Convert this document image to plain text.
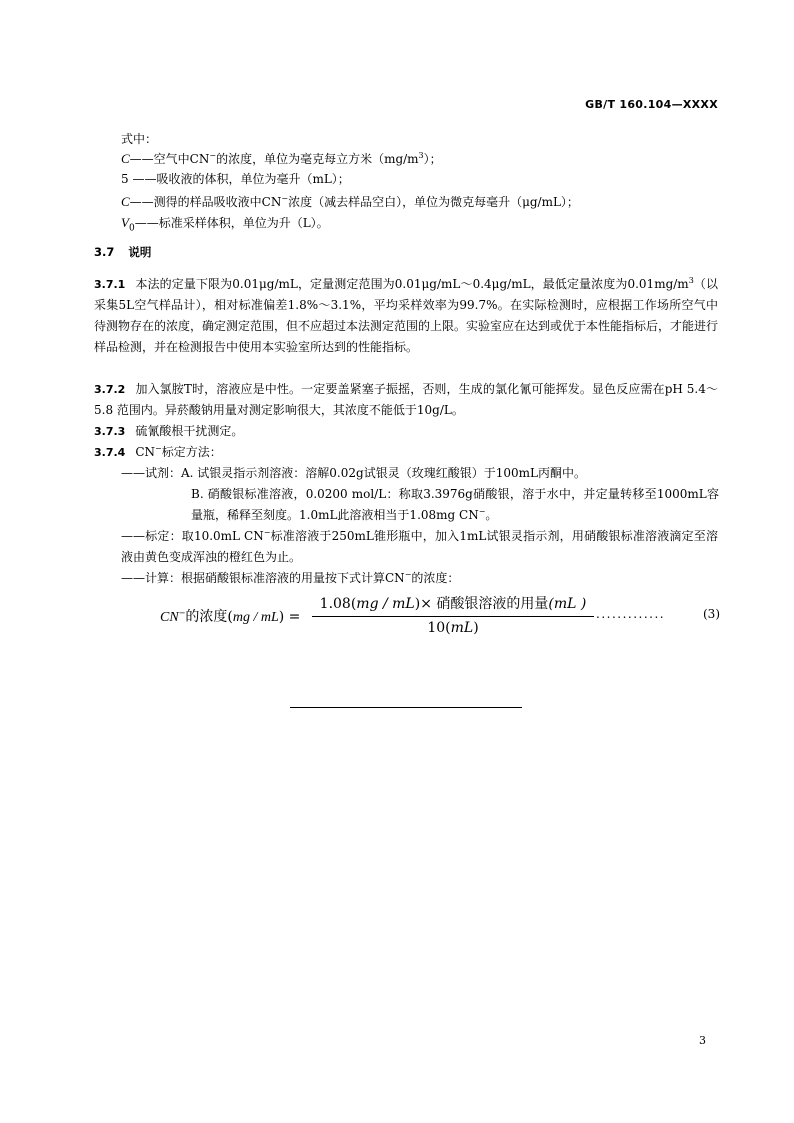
GB/T 160.104—XXXX
式中：
C——空气中CN−的浓度，单位为毫克每立方米$(mg/m^3)$；
5 ——吸收液的体积，单位为毫升（mL）；
C——测得的样品吸收液中CN−浓度（减去样品空白），单位为微克每毫升（μg/mL）；
$V_0——$标准采样体积，单位为升（L）。
3.7 说明
3.7.1 本法的定量下限为0.01μg/mL，定量测定范围为0.01μg/mL～0.4μg/mL，最低定量浓度为$0.01mg/m^3$（以采集5L空气样品计），相对标准偏差1.8%～3.1%，平均采样效率为99.7%。在实际检测时，应根据工作场所空气中待测物存在的浓度，确定测定范围，但不应超过本法测定范围的上限。实验室应在达到或优于本性能指标后，才能进行样品检测，并在检测报告中使用本实验室所达到的性能指标。
3.7.2 加入氯胺T时，溶液应是中性。一定要盖紧塞子振摇，否则，生成的氯化氰可能挥发。显色反应需在pH 5.4～5.8 范围内。异菸酸钠用量对测定影响很大，其浓度不能低于10g/L。
3.7.3 硫氰酸根干扰测定。
3.7.4 CN−标定方法：
——试剂：A. 试银灵指示剂溶液：溶解0.02g试银灵（玫瑰红酸银）于100mL丙酮中。
B. 硝酸银标准溶液，0.0200 mol/L：称取3.3976g硝酸银，溶于水中，并定量转移至1000mL容量瓶，稀释至刻度。1.0mL此溶液相当于1.08mg CN−。
——标定：取10.0mL CN−标准溶液于250mL锥形瓶中，加入1mL试银灵指示剂，用硝酸银标准溶液滴定至溶液由黄色变成浑浊的橙红色为止。
——计算：根据硝酸银标准溶液的用量按下式计算CN−的浓度：
CN−的浓度(mg / mL) =
1.08(mg / mL)× 硝酸银溶液的用量(mL )
10(mL)
.............	(3)
3
